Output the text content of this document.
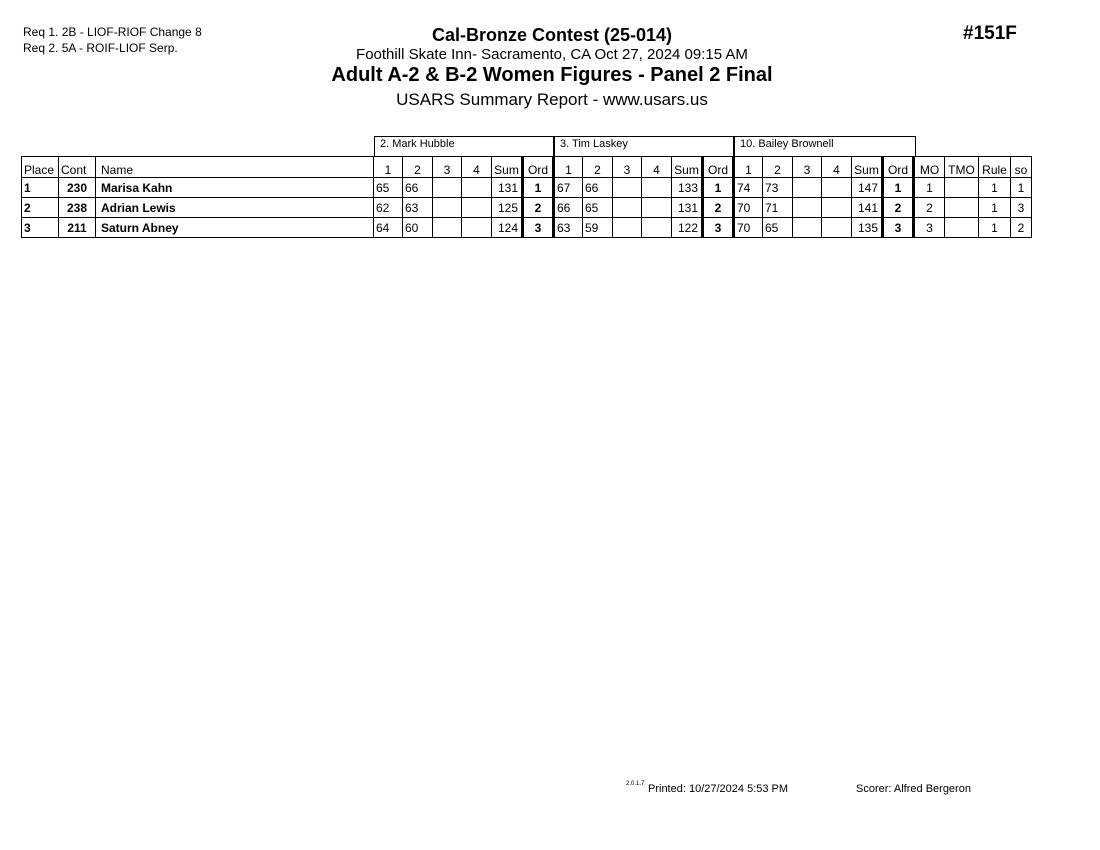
Req 1. 2B - LIOF-RIOF Change 8
Req 2. 5A - ROIF-LIOF Serp.
#151F
Cal-Bronze Contest (25-014)
Foothill Skate Inn- Sacramento, CA Oct 27, 2024 09:15 AM
Adult A-2 & B-2 Women Figures - Panel 2 Final
USARS Summary Report - www.usars.us
2. Mark Hubble	3. Tim Laskey	10. Bailey Brownell
Place	Cont	Name	1	2	3	4	Sum	Ord	1	2	3	4	Sum	Ord	1	2	3	4	Sum	Ord	MO	TMO	Rule	so
1	230	Marisa Kahn	65	66			131	1	67	66			133	1	74	73			147	1	1		1	1
2	238	Adrian Lewis	62	63			125	2	66	65			131	2	70	71			141	2	2		1	3
3	211	Saturn Abney	64	60			124	3	63	59			122	3	70	65			135	3	3		1	2
2.0.1.7 Printed: 10/27/2024 5:53 PM	Scorer: Alfred Bergeron
